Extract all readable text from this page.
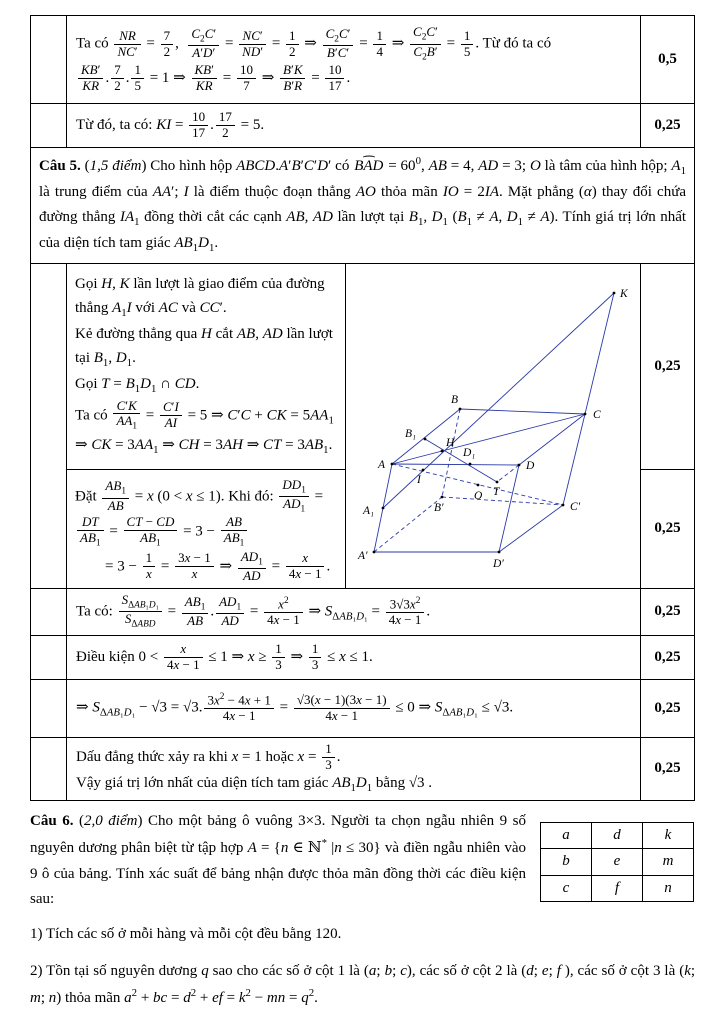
Ta có $\frac{NR}{NC'} = \frac{7}{2}$ , $\frac{C_2C'}{A'D'} = \frac{NC'}{ND'} = \frac{1}{2}$ ⇒ $\frac{C_2C'}{B'C'} = \frac{1}{4}$ ⇒ $\frac{C_2C'}{C_2B'} = \frac{1}{5}$ . Từ đó ta có

$\frac{KB'}{KR}$ . $\frac{7}{2}$ . $\frac{1}{5} = 1$ ⇒ $\frac{KB'}{KR} = \frac{10}{7}$ ⇒ $\frac{B'K}{B'R} = \frac{10}{17}$ .
0,5
Từ đó, ta có: KI = $\frac{10}{17}$ . $\frac{17}{2} = 5$.	0,25
Câu 5. (1,5 điểm) Cho hình hộp ABCD.A′B′C′D′ có ⌢ BAD = $60^0$, AB = 4, AD = 3; O là tâm của hình hộp; $A_1$ là trung điểm của AA′; I là điểm thuộc đoạn thẳng AO thỏa mãn IO = 2IA. Mặt phẳng (α) thay đổi chứa đường thẳng $IA_1$ đồng thời cắt các cạnh AB, AD lần lượt tại $B_1$, $D_1$ ($B_1 \ne A$, $D_1 \ne A$). Tính giá trị lớn nhất của diện tích tam giác $AB_1D_1$.
Gọi H, K lần lượt là giao điểm của đường thẳng $A_1I$ với AC và CC′.
Kẻ đường thẳng qua H cắt AB, AD lần lượt tại $B_1$, $D_1$.
Gọi $T = B_1D_1$ ∩ CD.
Ta có $\frac{C'K}{AA_1} = \frac{C'I}{AI} = 5$ ⇒ C′C + CK = $5AA_1$
⇒ CK = $3AA_1$ ⇒ CH = 3AH ⇒ CT = $3AB_1$.
Đặt $\frac{AB_1}{AB} = x$ (0 < x ≤ 1). Khi đó: $\frac{DD_1}{AD_1}$ =
$\frac{DT}{AB_1} = \frac{CT - CD}{AB_1} = 3 - \frac{AB}{AB_1}$

  = $3 - \frac{1}{x} = \frac{3x - 1}{x}$ ⇒ $\frac{AD_1}{AD} = \frac{x}{4x - 1}$ .
K
B
C
B₁
H
A
D₁
D
I
T
O
B′
A₁	C′
A′
D′
0,25
0,25
Ta có:
$S_{\Delta AB_1D_1}$
$S_{\Delta ABD}$
= $\frac{AB_1}{AB}$ . $\frac{AD_1}{AD} = \frac{x^2}{4x - 1}$ ⇒ $S_{\Delta AB_1D_1} = \frac{3√3x^2}{4x - 1}$ .	0,25
Điều kiện $0 < \frac{x}{4x - 1} \le 1$ ⇒ $x \ge \frac{1}{3}$ ⇒ $\frac{1}{3} \le x \le 1$.	0,25
⇒ $S_{\Delta AB_1D_1} - √3 = √3$. $\frac{3x^2 - 4x + 1}{4x - 1} = \frac{√3(x - 1)(3x - 1)}{4x - 1} \le 0$ ⇒ $S_{\Delta AB_1D_1} \le √3$.	0,25
Dấu đẳng thức xảy ra khi x = 1 hoặc $x = \frac{1}{3}$ .
Vậy giá trị lớn nhất của diện tích tam giác $AB_1D_1$ bằng √3 .
0,25
a	d	k
b	e	m
c	f	n

Câu 6. (2,0 điểm) Cho một bảng ô vuông 3×3. Người ta chọn ngẫu nhiên 9 số nguyên dương phân biệt từ tập hợp A = {n ∈ ℕ* |n ≤ 30} và điền ngẫu nhiên vào 9 ô của bảng. Tính xác suất để bảng nhận được thỏa mãn đồng thời các điều kiện sau:

1) Tích các số ở mỗi hàng và mỗi cột đều bằng 120.

2) Tồn tại số nguyên dương q sao cho các số ở cột 1 là (a; b; c), các số ở cột 2 là (d; e; f ), các số ở cột 3 là (k; m; n) thỏa mãn $a^2$ + bc = $d^2$ + ef = $k^2$ − mn = $q^2$.
